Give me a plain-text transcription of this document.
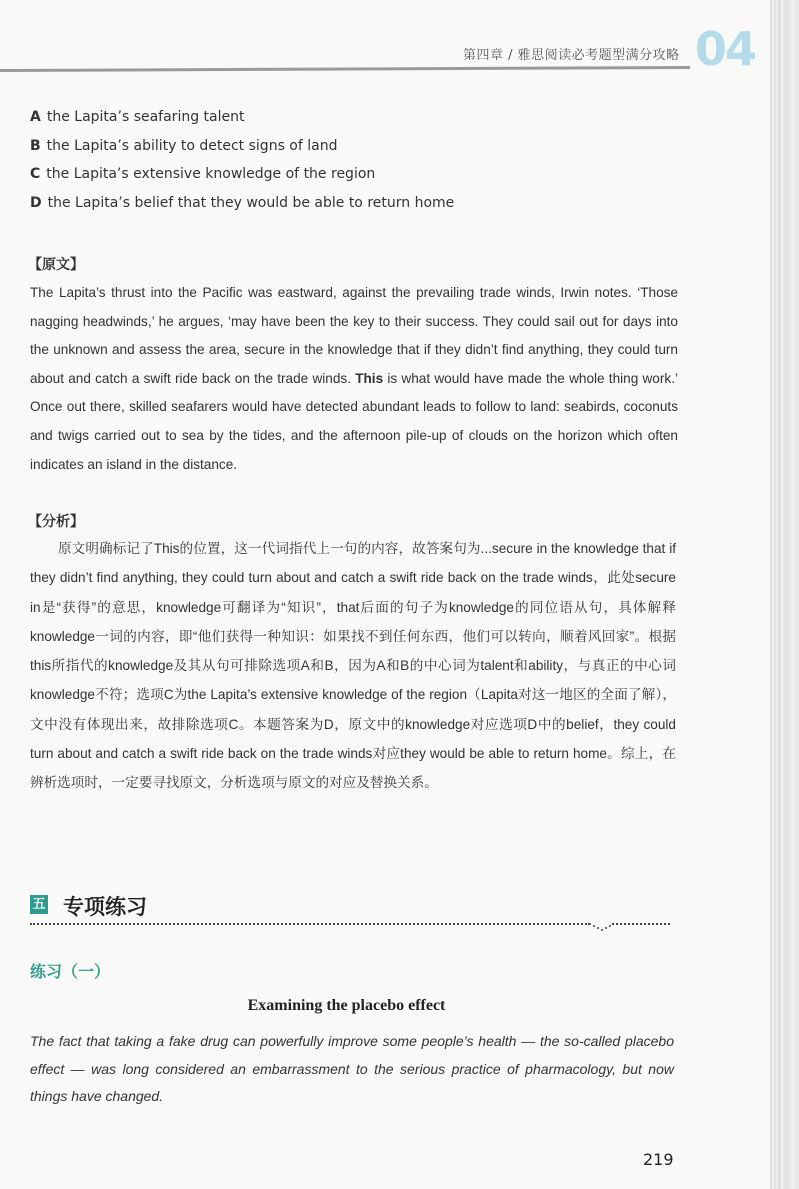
第四章 / 雅思阅读必考题型满分攻略 04
A the Lapita’s seafaring talent
B the Lapita’s ability to detect signs of land
C the Lapita’s extensive knowledge of the region
D the Lapita’s belief that they would be able to return home
【原文】
The Lapita’s thrust into the Pacific was eastward, against the prevailing trade winds, Irwin notes. ‘Those nagging headwinds,’ he argues, ‘may have been the key to their success. They could sail out for days into the unknown and assess the area, secure in the knowledge that if they didn’t find anything, they could turn about and catch a swift ride back on the trade winds. This is what would have made the whole thing work.’ Once out there, skilled seafarers would have detected abundant leads to follow to land: seabirds, coconuts and twigs carried out to sea by the tides, and the afternoon pile-up of clouds on the horizon which often indicates an island in the distance.
【分析】
原文明确标记了This的位置，这一代词指代上一句的内容，故答案句为...secure in the knowledge that if they didn’t find anything, they could turn about and catch a swift ride back on the trade winds，此处secure in是“获得”的意思，knowledge可翻译为“知识”，that后面的句子为knowledge的同位语从句，具体解释knowledge一词的内容，即“他们获得一种知识：如果找不到任何东西，他们可以转向，顺着风回家”。根据this所指代的knowledge及其从句可排除选项A和B，因为A和B的中心词为talent和ability，与真正的中心词knowledge不符；选项C为the Lapita’s extensive knowledge of the region（Lapita对这一地区的全面了解），文中没有体现出来，故排除选项C。本题答案为D，原文中的knowledge对应选项D中的belief，they could turn about and catch a swift ride back on the trade winds对应they would be able to return home。综上，在辨析选项时，一定要寻找原文，分析选项与原文的对应及替换关系。
五 专项练习
练习（一）
Examining the placebo effect
The fact that taking a fake drug can powerfully improve some people’s health — the so-called placebo effect — was long considered an embarrassment to the serious practice of pharmacology, but now things have changed.
219
